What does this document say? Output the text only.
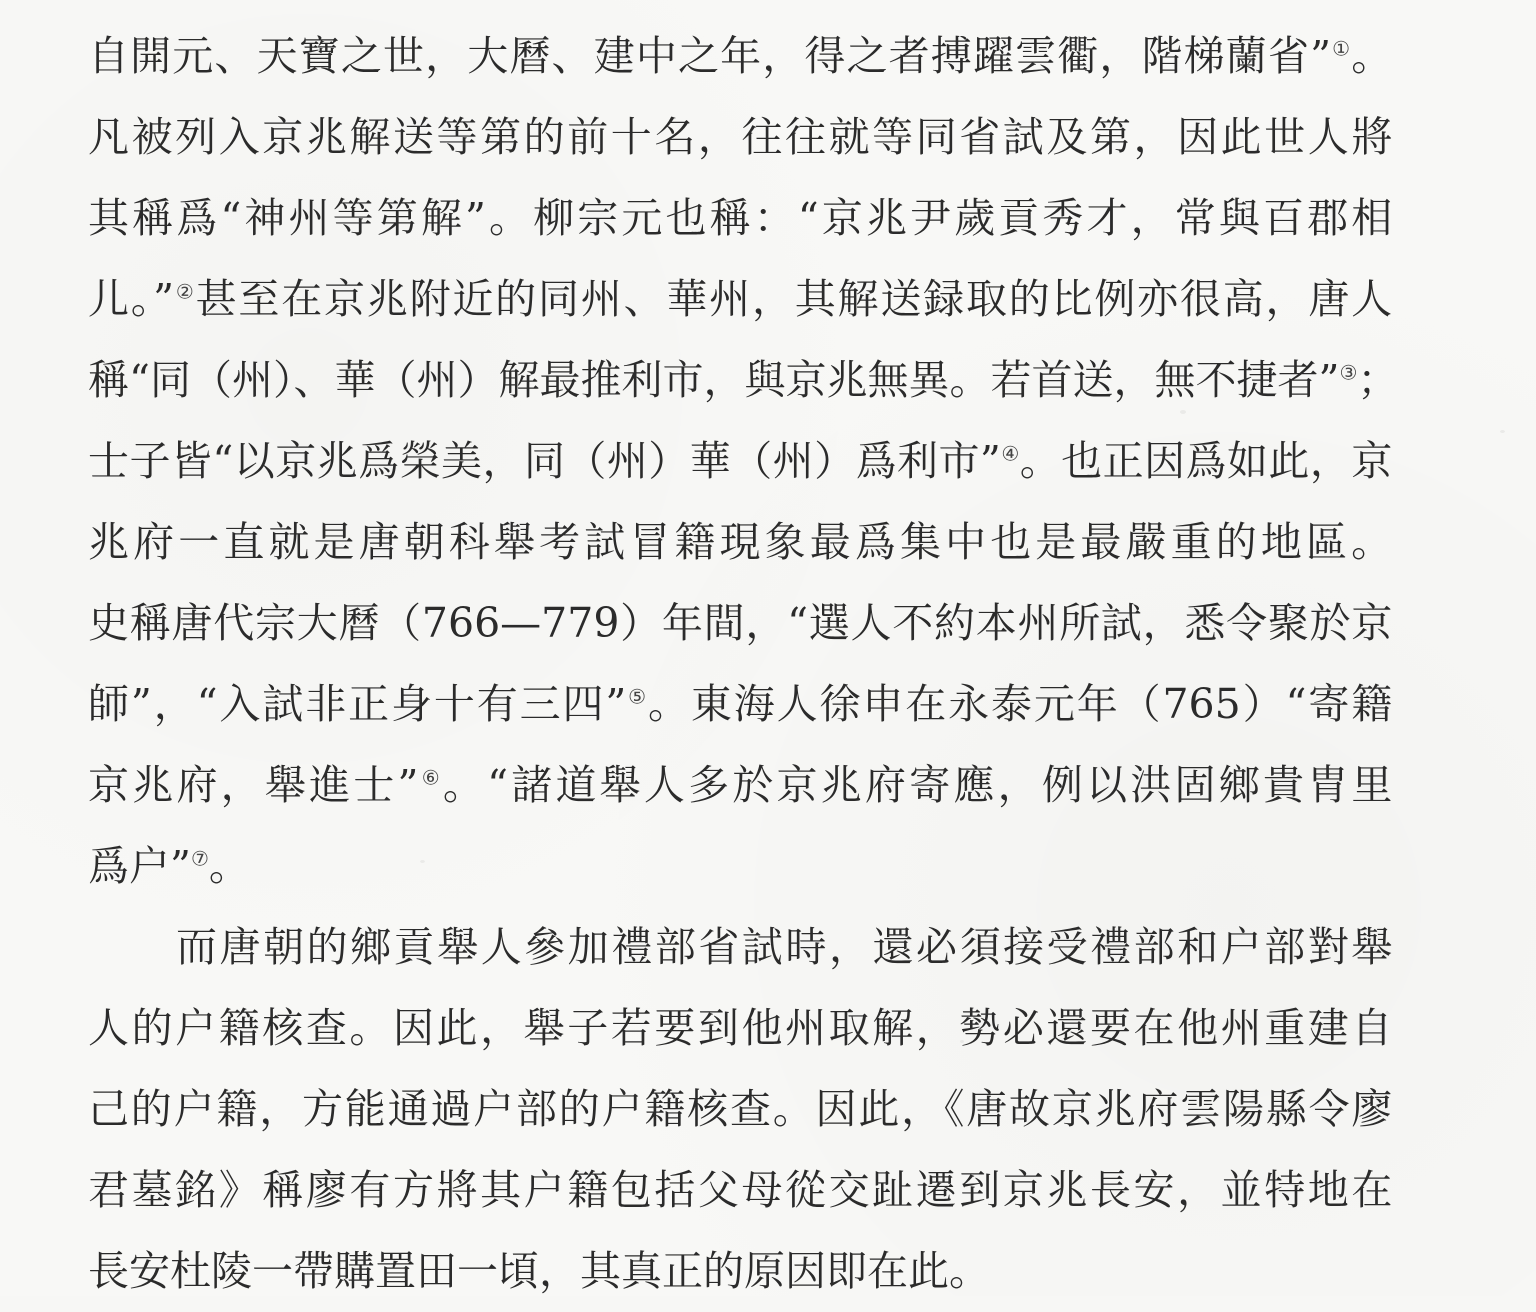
自開元、天寶之世，大曆、建中之年，得之者搏躍雲衢，階梯蘭省”①。
凡被列入京兆解送等第的前十名，往往就等同省試及第，因此世人將
其稱爲“神州等第解”。柳宗元也稱：“京兆尹歲貢秀才，常與百郡相
儿。”②甚至在京兆附近的同州、華州，其解送録取的比例亦很高，唐人
稱“同（州）、華（州）解最推利市，與京兆無異。若首送，無不捷者”③；
士子皆“以京兆爲榮美，同（州）華（州）爲利市”④。也正因爲如此，京
兆府一直就是唐朝科舉考試冒籍現象最爲集中也是最嚴重的地區。
史稱唐代宗大曆（766—779）年間，“選人不約本州所試，悉令聚於京
師”，“入試非正身十有三四”⑤。東海人徐申在永泰元年（765）“寄籍
京兆府，舉進士”⑥。“諸道舉人多於京兆府寄應，例以洪固鄉貴胄里
爲户”⑦。
而唐朝的鄉貢舉人參加禮部省試時，還必須接受禮部和户部對舉
人的户籍核查。因此，舉子若要到他州取解，勢必還要在他州重建自
己的户籍，方能通過户部的户籍核查。因此，《唐故京兆府雲陽縣令廖
君墓銘》稱廖有方將其户籍包括父母從交趾遷到京兆長安，並特地在
長安杜陵一帶購置田一頃，其真正的原因即在此。
